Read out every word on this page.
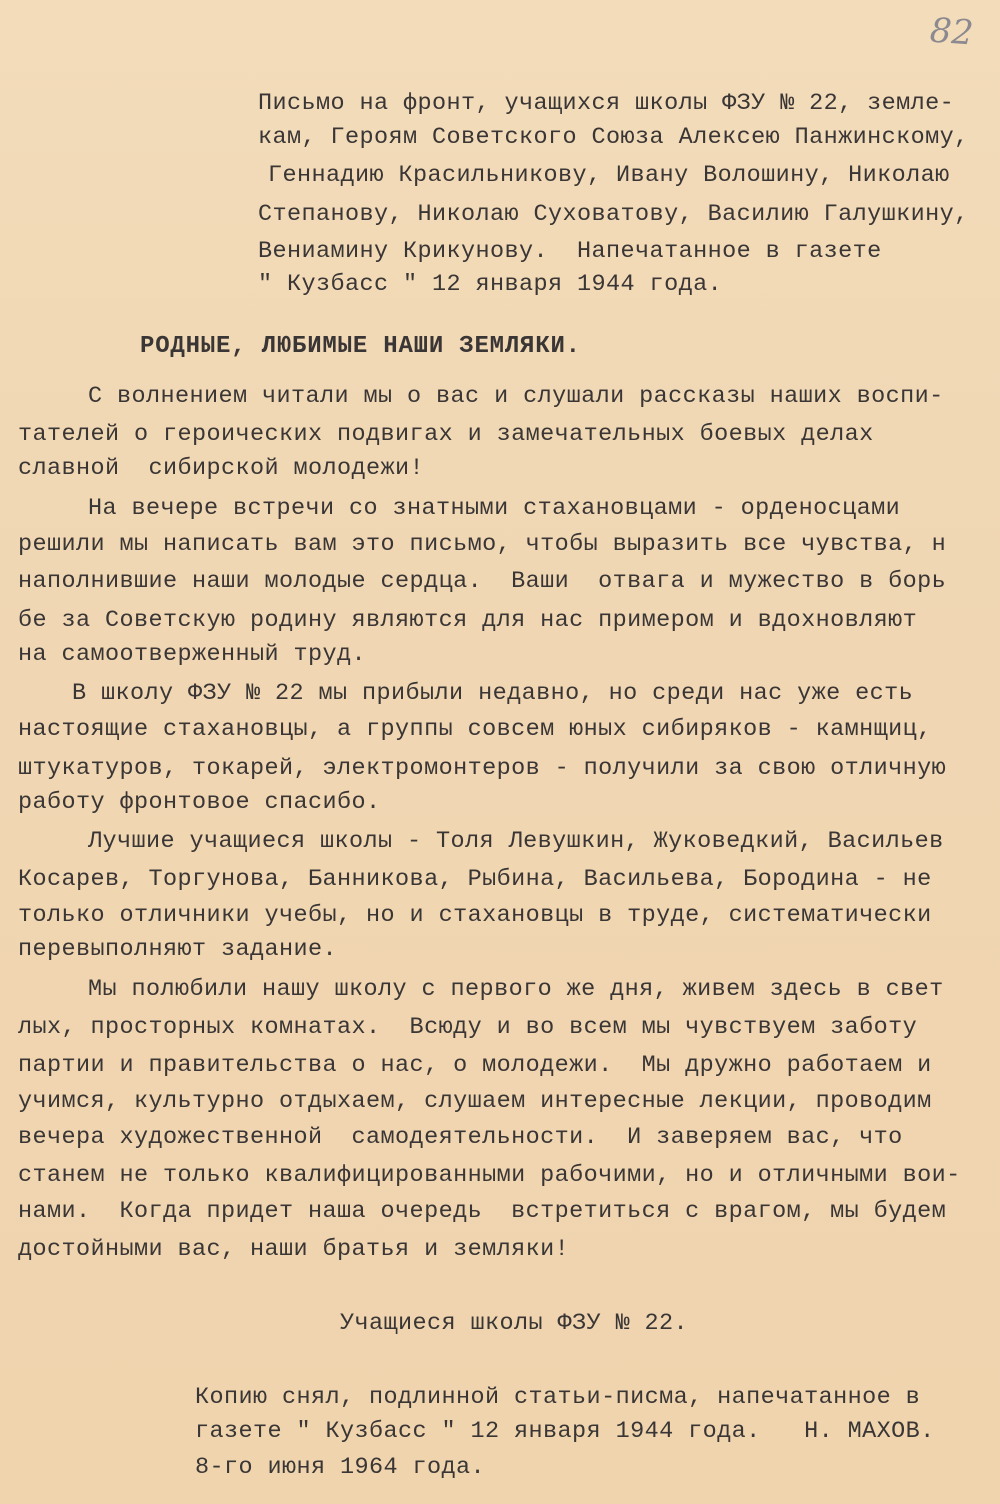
82
Письмо на фронт, учащихся школы ФЗУ № 22, земле-
кам, Героям Советского Союза Алексею Панжинскому,
Геннадию Красильникову, Ивану Волошину, Николаю
Степанову, Николаю Суховатову, Василию Галушкину,
Вениамину Крикунову.  Напечатанное в газете
" Кузбасс " 12 января 1944 года.
РОДНЫЕ, ЛЮБИМЫЕ НАШИ ЗЕМЛЯКИ.
С волнением читали мы о вас и слушали рассказы наших воспи-
тателей о героических подвигах и замечательных боевых делах
славной  сибирской молодежи!
На вечере встречи со знатными стахановцами - орденосцами
решили мы написать вам это письмо, чтобы выразить все чувства, н
наполнившие наши молодые сердца.  Ваши  отвага и мужество в борь
бе за Советскую родину являются для нас примером и вдохновляют
на самоотверженный труд.
В школу ФЗУ № 22 мы прибыли недавно, но среди нас уже есть
настоящие стахановцы, а группы совсем юных сибиряков - камнщиц,
штукатуров, токарей, электромонтеров - получили за свою отличную
работу фронтовое спасибо.
Лучшие учащиеся школы - Толя Левушкин, Жуковедкий, Васильев
Косарев, Торгунова, Банникова, Рыбина, Васильева, Бородина - не
только отличники учебы, но и стахановцы в труде, систематически
перевыполняют задание.
Мы полюбили нашу школу с первого же дня, живем здесь в свет
лых, просторных комнатах.  Всюду и во всем мы чувствуем заботу
партии и правительства о нас, о молодежи.  Мы дружно работаем и
учимся, культурно отдыхаем, слушаем интересные лекции, проводим
вечера художественной  самодеятельности.  И заверяем вас, что
станем не только квалифицированными рабочими, но и отличными вои-
нами.  Когда придет наша очередь  встретиться с врагом, мы будем
достойными вас, наши братья и земляки!
Учащиеся школы ФЗУ № 22.
Копию снял, подлинной статьи-писма, напечатанное в
газете " Кузбасс " 12 января 1944 года.   Н. МАХОВ.
8-го июня 1964 года.
